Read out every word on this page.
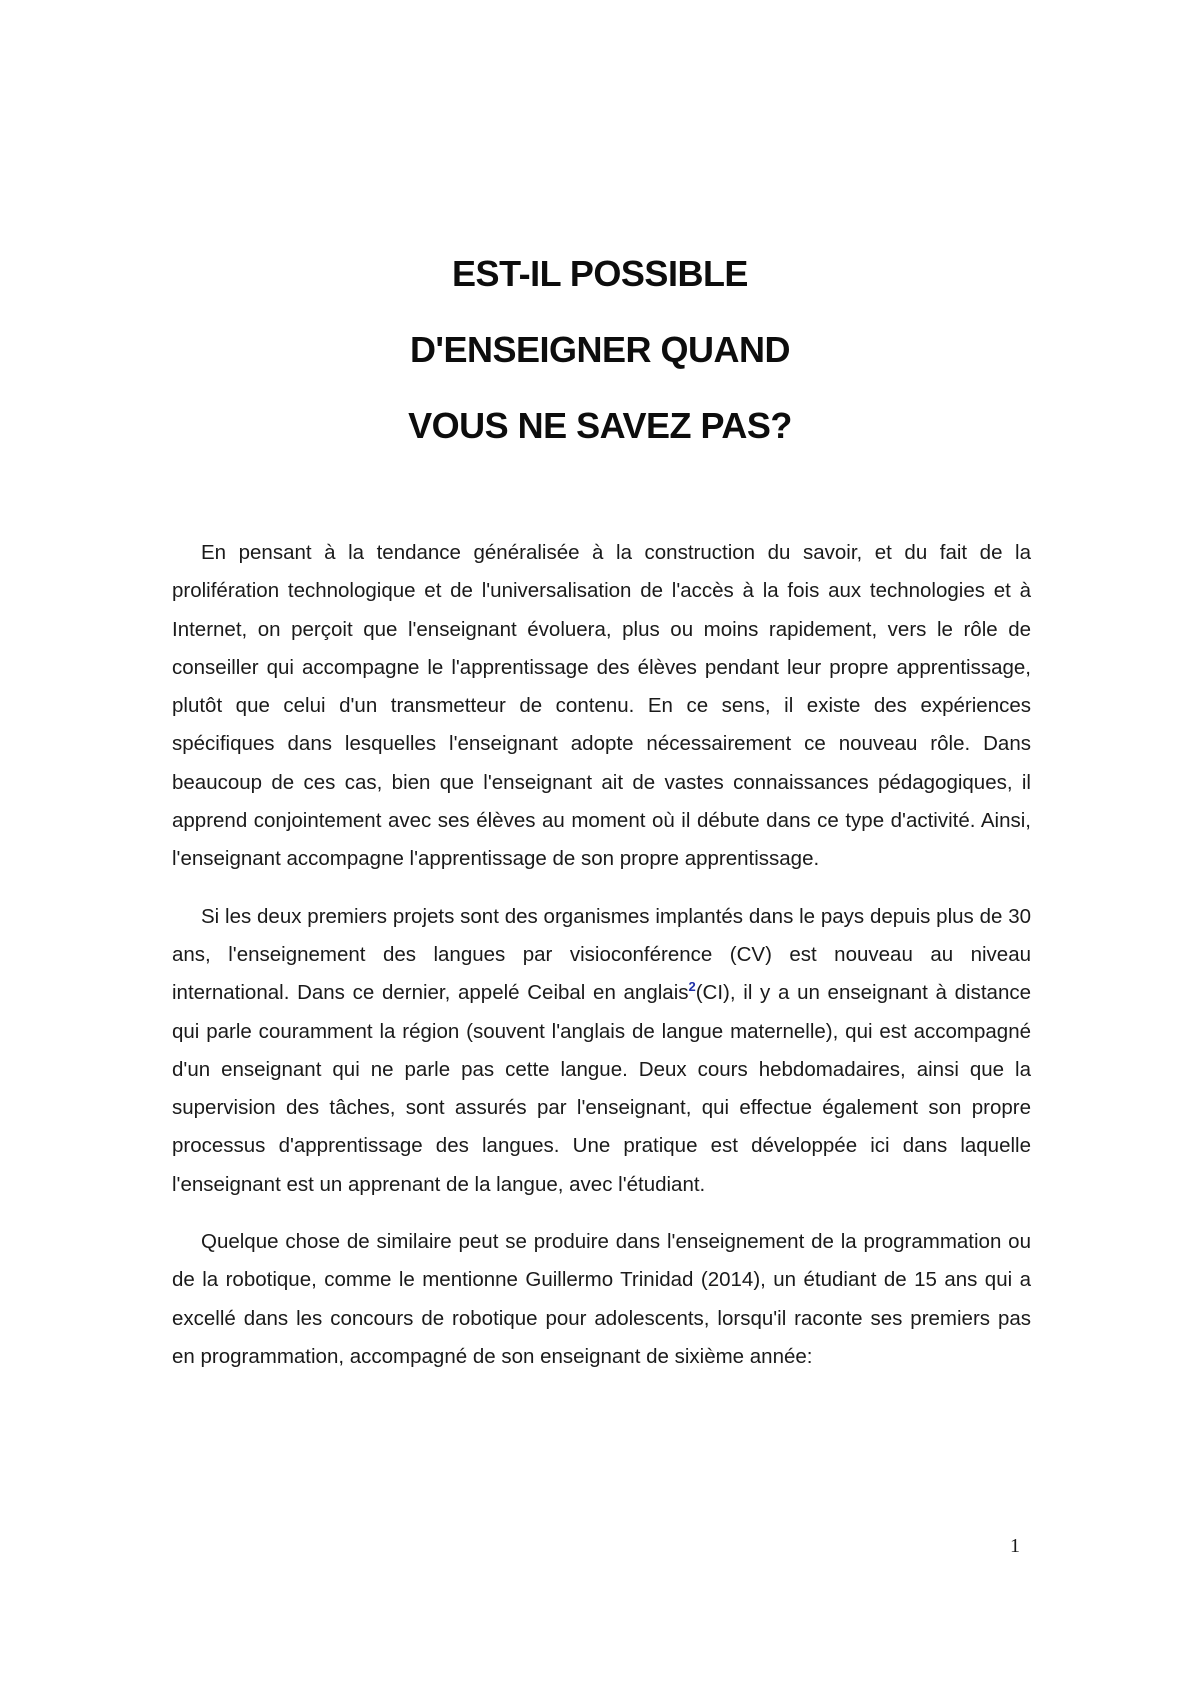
EST-IL POSSIBLE
D'ENSEIGNER QUAND
VOUS NE SAVEZ PAS?

En pensant à la tendance généralisée à la construction du savoir, et du fait de la prolifération technologique et de l'universalisation de l'accès à la fois aux technologies et à Internet, on perçoit que l'enseignant évoluera, plus ou moins rapidement, vers le rôle de conseiller qui accompagne le l'apprentissage des élèves pendant leur propre apprentissage, plutôt que celui d'un transmetteur de contenu. En ce sens, il existe des expériences spécifiques dans lesquelles l'enseignant adopte nécessairement ce nouveau rôle. Dans beaucoup de ces cas, bien que l'enseignant ait de vastes connaissances pédagogiques, il apprend conjointement avec ses élèves au moment où il débute dans ce type d'activité. Ainsi, l'enseignant accompagne l'apprentissage de son propre apprentissage.

Si les deux premiers projets sont des organismes implantés dans le pays depuis plus de 30 ans, l'enseignement des langues par visioconférence (CV) est nouveau au niveau international. Dans ce dernier, appelé Ceibal en anglais$^2$(CI), il y a un enseignant à distance qui parle couramment la région (souvent l'anglais de langue maternelle), qui est accompagné d'un enseignant qui ne parle pas cette langue. Deux cours hebdomadaires, ainsi que la supervision des tâches, sont assurés par l'enseignant, qui effectue également son propre processus d'apprentissage des langues. Une pratique est développée ici dans laquelle l'enseignant est un apprenant de la langue, avec l'étudiant.

Quelque chose de similaire peut se produire dans l'enseignement de la programmation ou de la robotique, comme le mentionne Guillermo Trinidad (2014), un étudiant de 15 ans qui a excellé dans les concours de robotique pour adolescents, lorsqu'il raconte ses premiers pas en programmation, accompagné de son enseignant de sixième année:

1
